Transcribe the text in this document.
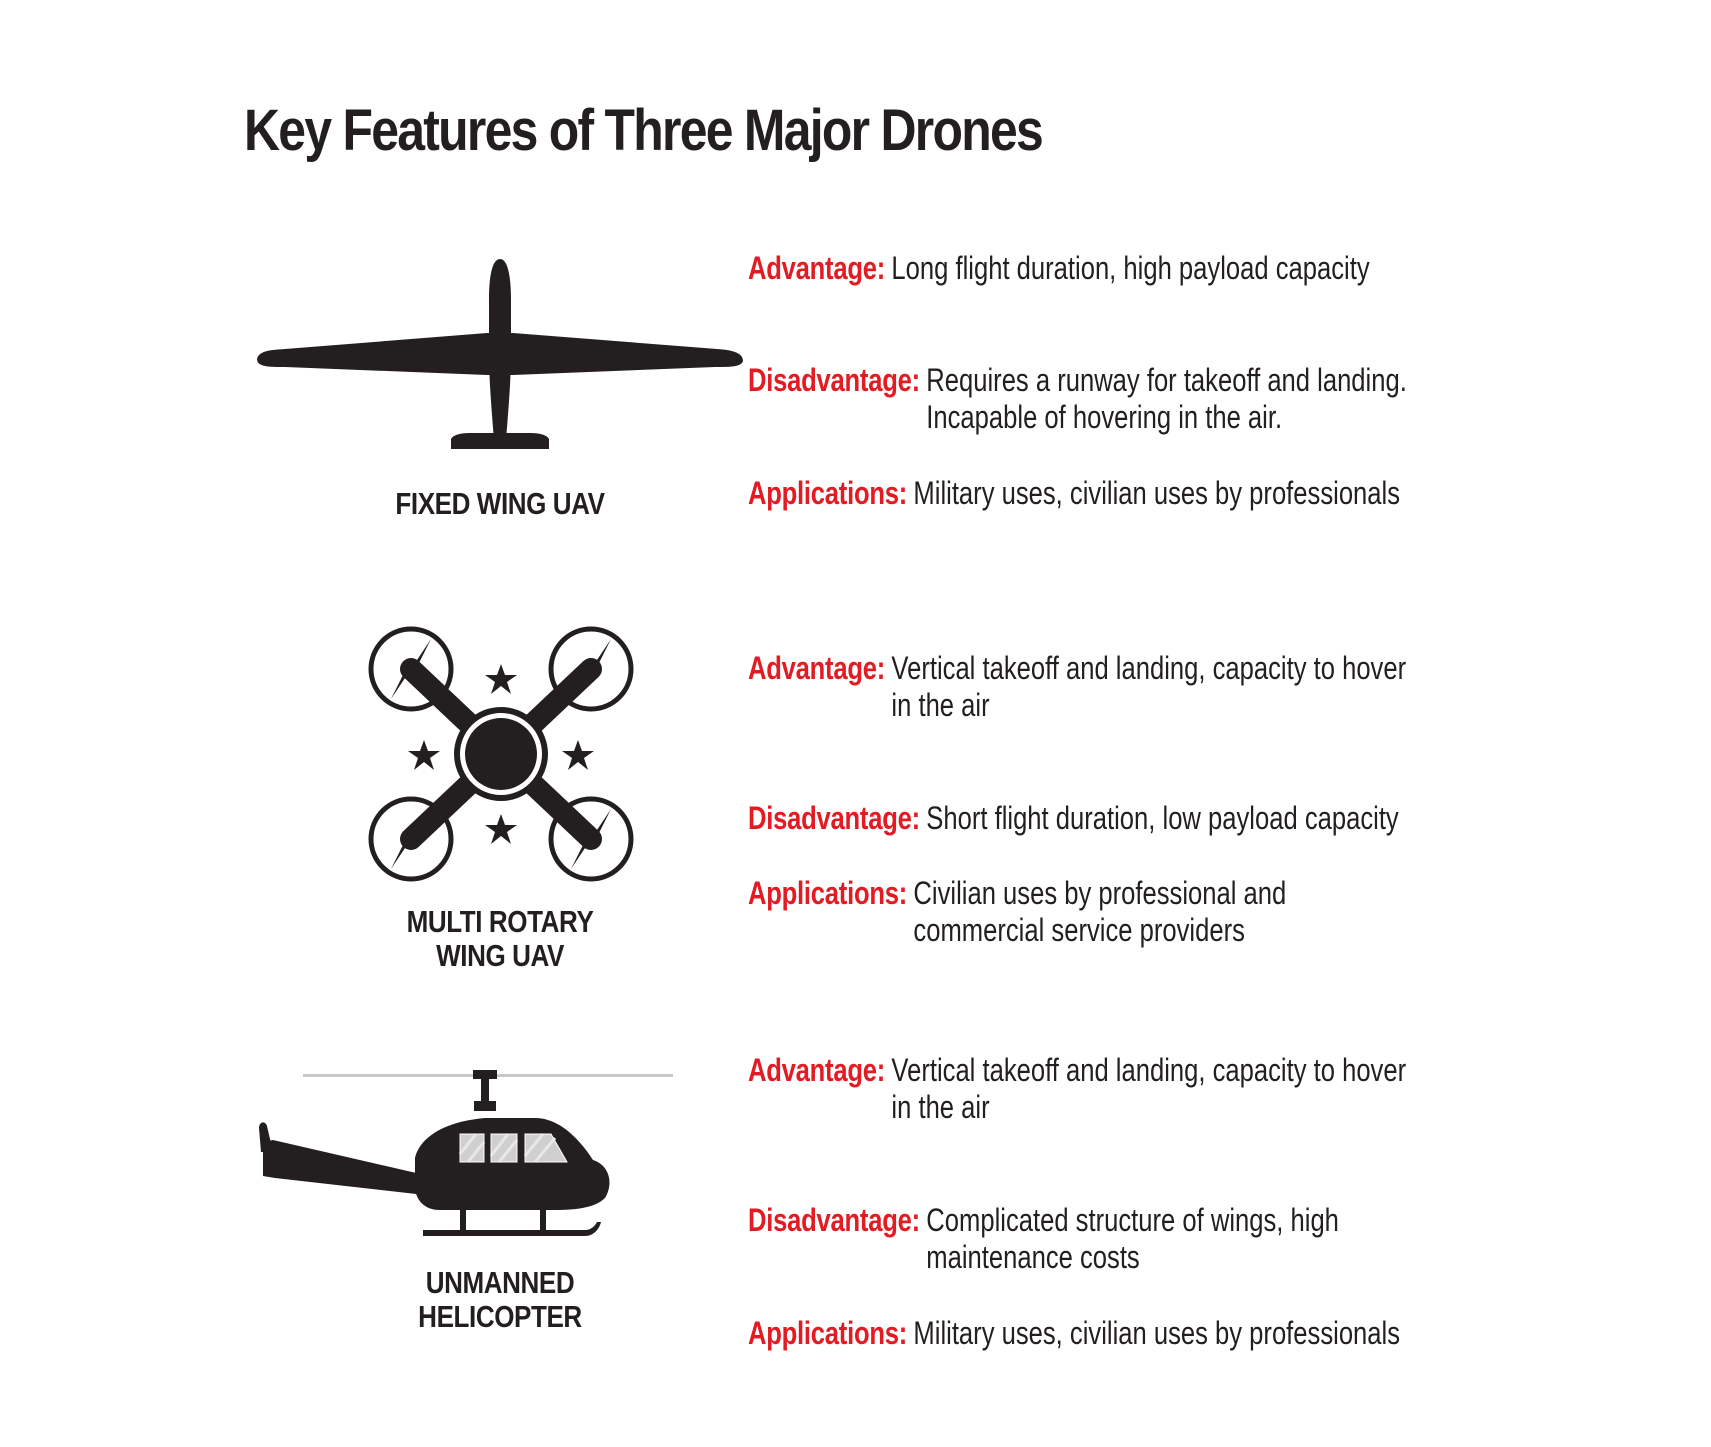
Key Features of Three Major Drones

FIXED WING UAV

Advantage: Long flight duration, high payload capacity
Disadvantage: Requires a runway for takeoff and landing.
Incapable of hovering in the air.
Applications: Military uses, civilian uses by professionals

MULTI ROTARY
WING UAV

Advantage: Vertical takeoff and landing, capacity to hover
in the air
Disadvantage: Short flight duration, low payload capacity
Applications: Civilian uses by professional and
commercial service providers

UNMANNED
HELICOPTER

Advantage: Vertical takeoff and landing, capacity to hover
in the air
Disadvantage: Complicated structure of wings, high
maintenance costs
Applications: Military uses, civilian uses by professionals
